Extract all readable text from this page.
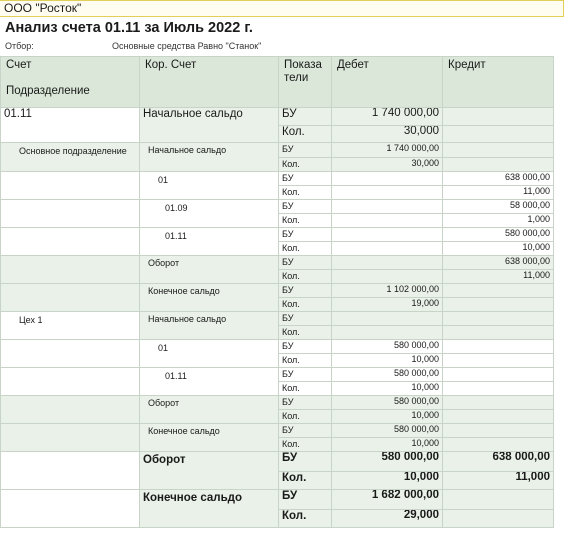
ООО "Росток"
Анализ счета 01.11 за Июль 2022 г.
Отбор:	Основные средства Равно "Станок"
Счет	Кор. Счет	Показатели	Дебет	Кредит
Подразделение				
01.11	Начальное сальдо	БУ	1 740 000,00	
		Кол.	30,000	
Основное подразделение	Начальное сальдо	БУ	1 740 000,00	
		Кол.	30,000	
	01	БУ		638 000,00
		Кол.		11,000
	01.09	БУ		58 000,00
		Кол.		1,000
	01.11	БУ		580 000,00
		Кол.		10,000
	Оборот	БУ		638 000,00
		Кол.		11,000
	Конечное сальдо	БУ	1 102 000,00	
		Кол.	19,000	
Цех 1	Начальное сальдо	БУ		
		Кол.		
	01	БУ	580 000,00	
		Кол.	10,000	
	01.11	БУ	580 000,00	
		Кол.	10,000	
	Оборот	БУ	580 000,00	
		Кол.	10,000	
	Конечное сальдо	БУ	580 000,00	
		Кол.	10,000	
	Оборот	БУ	580 000,00	638 000,00
		Кол.	10,000	11,000
	Конечное сальдо	БУ	1 682 000,00	
		Кол.	29,000	
